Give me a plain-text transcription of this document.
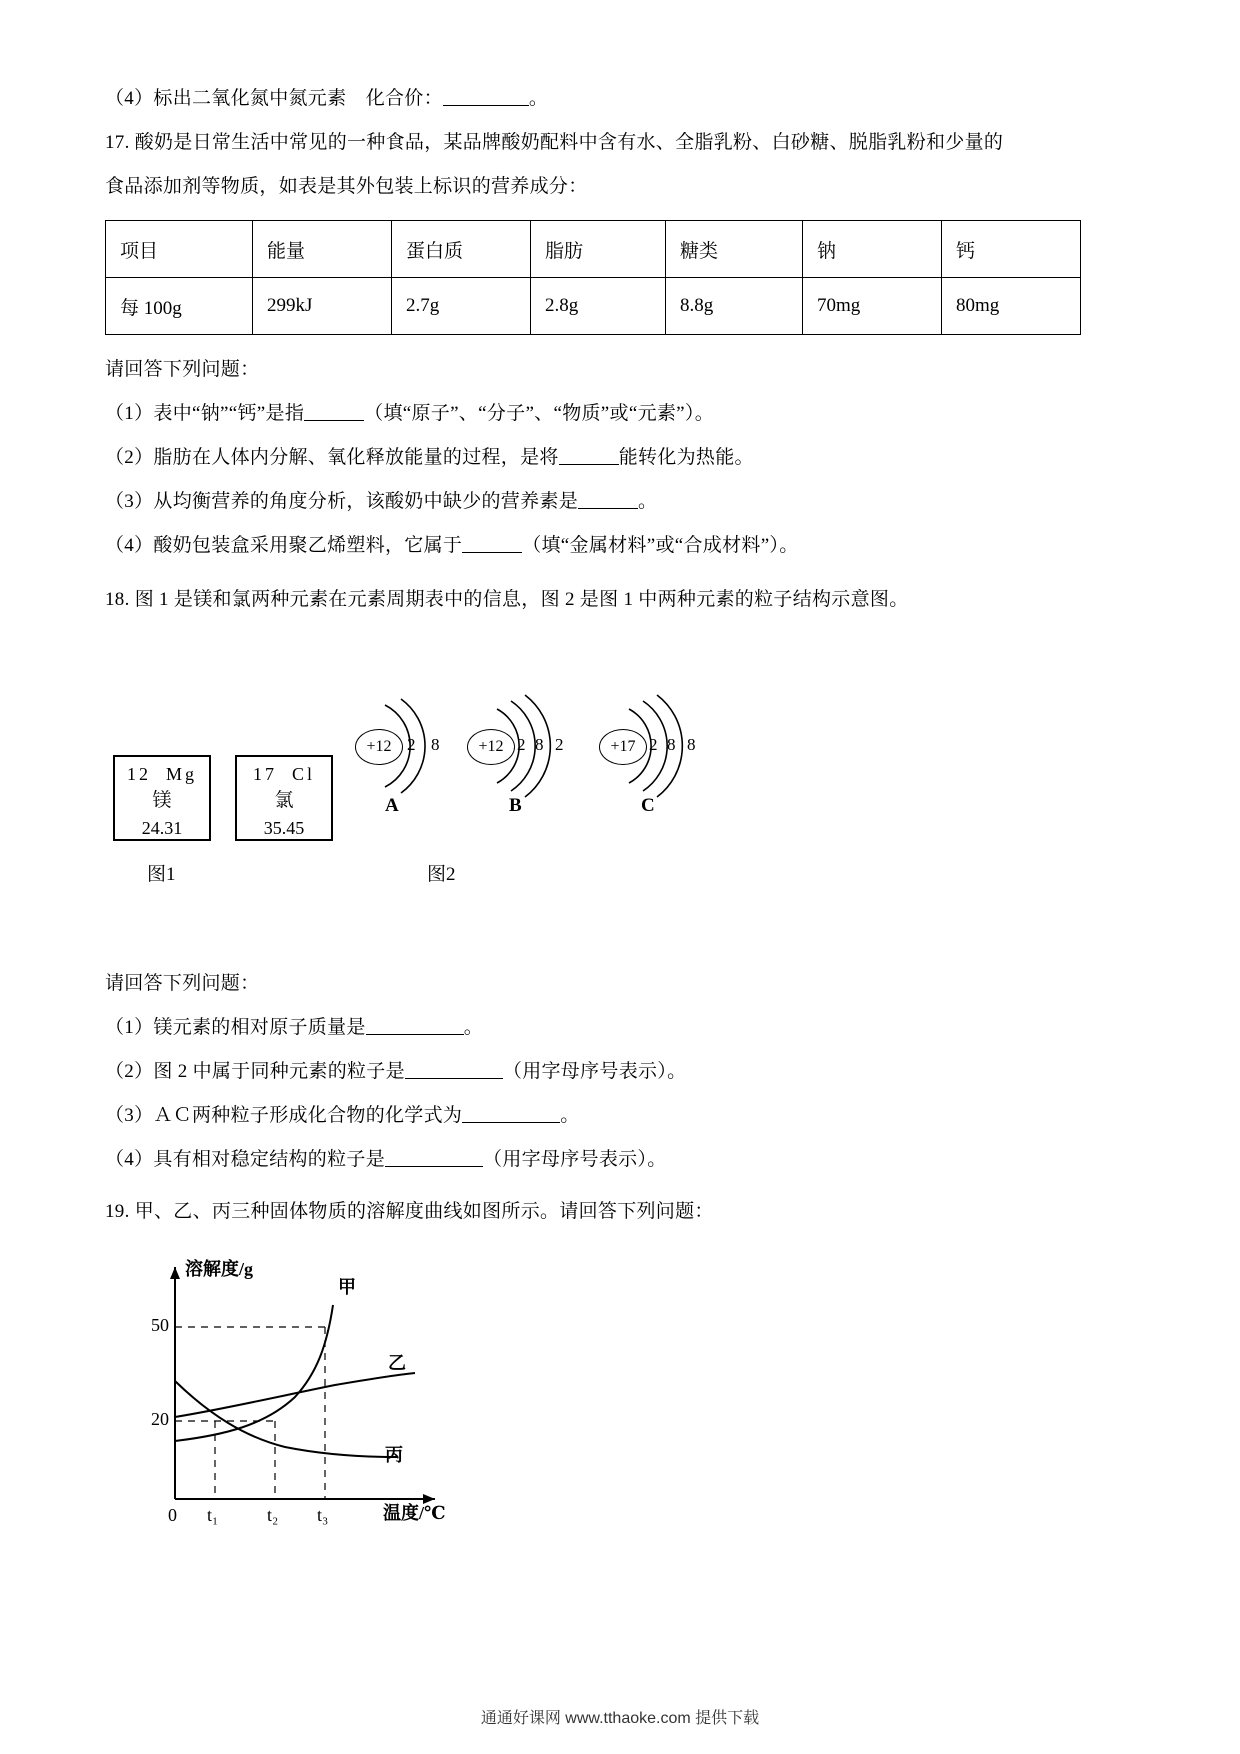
（4）标出二氧化氮中氮元素　化合价：	。

17. 酸奶是日常生活中常见的一种食品，某品牌酸奶配料中含有水、全脂乳粉、白砂糖、脱脂乳粉和少量的

食品添加剂等物质，如表是其外包装上标识的营养成分：

项目	能量	蛋白质	脂肪	糖类	钠	钙
每 100g	299kJ	2.7g	2.8g	8.8g	70mg	80mg

请回答下列问题：

（1）表中“钠”“钙”是指	（填“原子”、“分子”、“物质”或“元素”）。

（2）脂肪在人体内分解、氧化释放能量的过程，是将	能转化为热能。

（3）从均衡营养的角度分析，该酸奶中缺少的营养素是	。

（4）酸奶包装盒采用聚乙烯塑料，它属于	（填“金属材料”或“合成材料”）。

18. 图 1 是镁和氯两种元素在元素周期表中的信息，图 2 是图 1 中两种元素的粒子结构示意图。

12 Mg
镁
24.31
17 Cl
氯
35.45
图1	图2
+12 2 8
A
+12 2 8 2
B
+17 2 8 8
C

请回答下列问题：

（1）镁元素的相对原子质量是	。

（2）图 2 中属于同种元素的粒子是	（用字母序号表示）。

（3）ＡＣ两种粒子形成化合物的化学式为	。

（4）具有相对稳定结构的粒子是	（用字母序号表示）。

19. 甲、乙、丙三种固体物质的溶解度曲线如图所示。请回答下列问题：

溶解度/g
温度/℃
50
20
0 t₁	t₂ t₃
甲
乙
丙
通通好课网 www.tthaoke.com 提供下载
